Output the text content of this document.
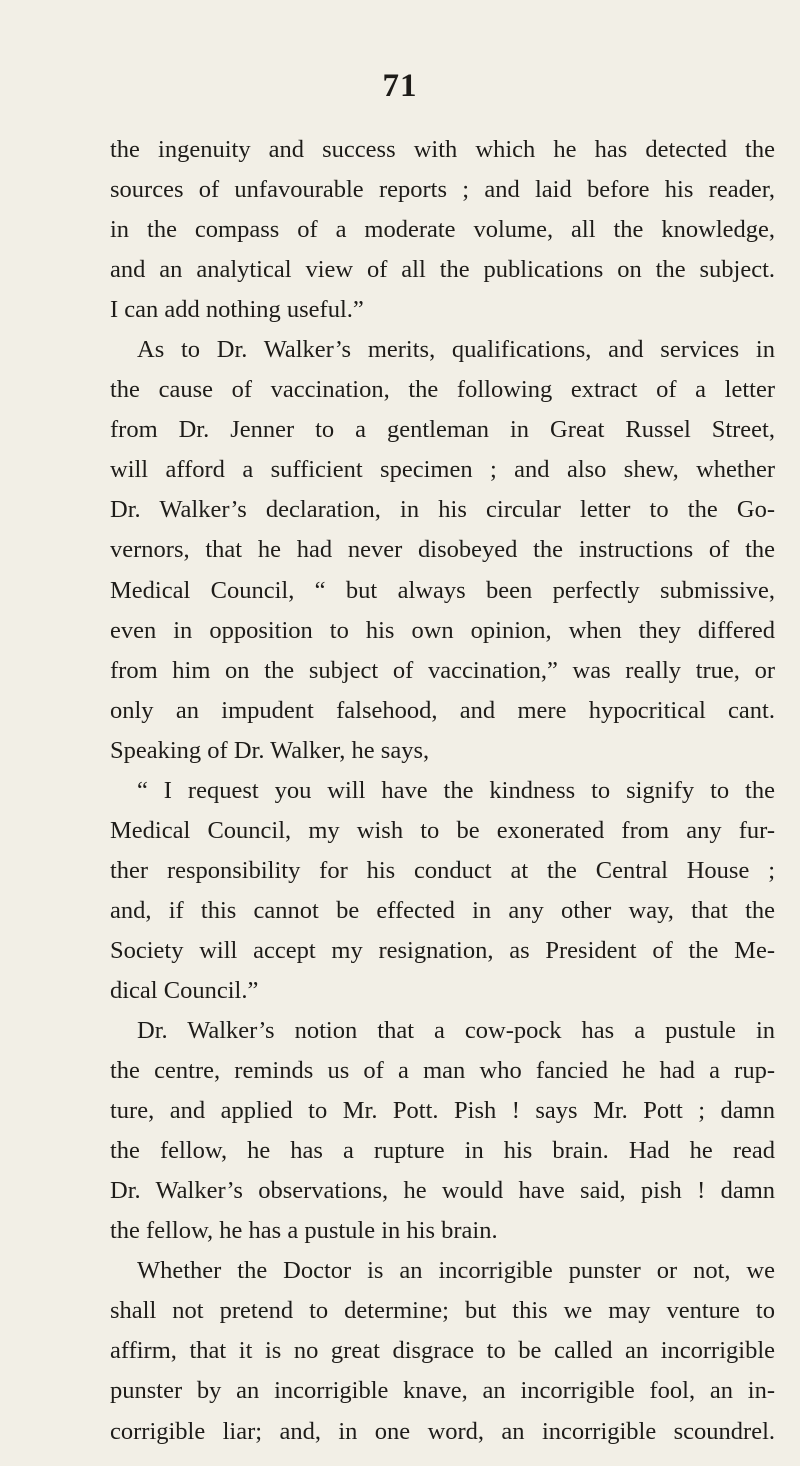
71
the ingenuity and success with which he has detected the
sources of unfavourable reports ; and laid before his reader,
in the compass of a moderate volume, all the knowledge,
and an analytical view of all the publications on the subject.
I can add nothing useful.”
As to Dr. Walker’s merits, qualifications, and services in
the cause of vaccination, the following extract of a letter
from Dr. Jenner to a gentleman in Great Russel Street,
will afford a sufficient specimen ; and also shew, whether
Dr. Walker’s declaration, in his circular letter to the Go-
vernors, that he had never disobeyed the instructions of the
Medical Council, “ but always been perfectly submissive,
even in opposition to his own opinion, when they differed
from him on the subject of vaccination,” was really true, or
only an impudent falsehood, and mere hypocritical cant.
Speaking of Dr. Walker, he says,
“ I request you will have the kindness to signify to the
Medical Council, my wish to be exonerated from any fur-
ther responsibility for his conduct at the Central House ;
and, if this cannot be effected in any other way, that the
Society will accept my resignation, as President of the Me-
dical Council.”
Dr. Walker’s notion that a cow-pock has a pustule in
the centre, reminds us of a man who fancied he had a rup-
ture, and applied to Mr. Pott. Pish ! says Mr. Pott ; damn
the fellow, he has a rupture in his brain. Had he read
Dr. Walker’s observations, he would have said, pish ! damn
the fellow, he has a pustule in his brain.
Whether the Doctor is an incorrigible punster or not, we
shall not pretend to determine; but this we may venture to
affirm, that it is no great disgrace to be called an incorrigible
punster by an incorrigible knave, an incorrigible fool, an in-
corrigible liar; and, in one word, an incorrigible scoundrel.
